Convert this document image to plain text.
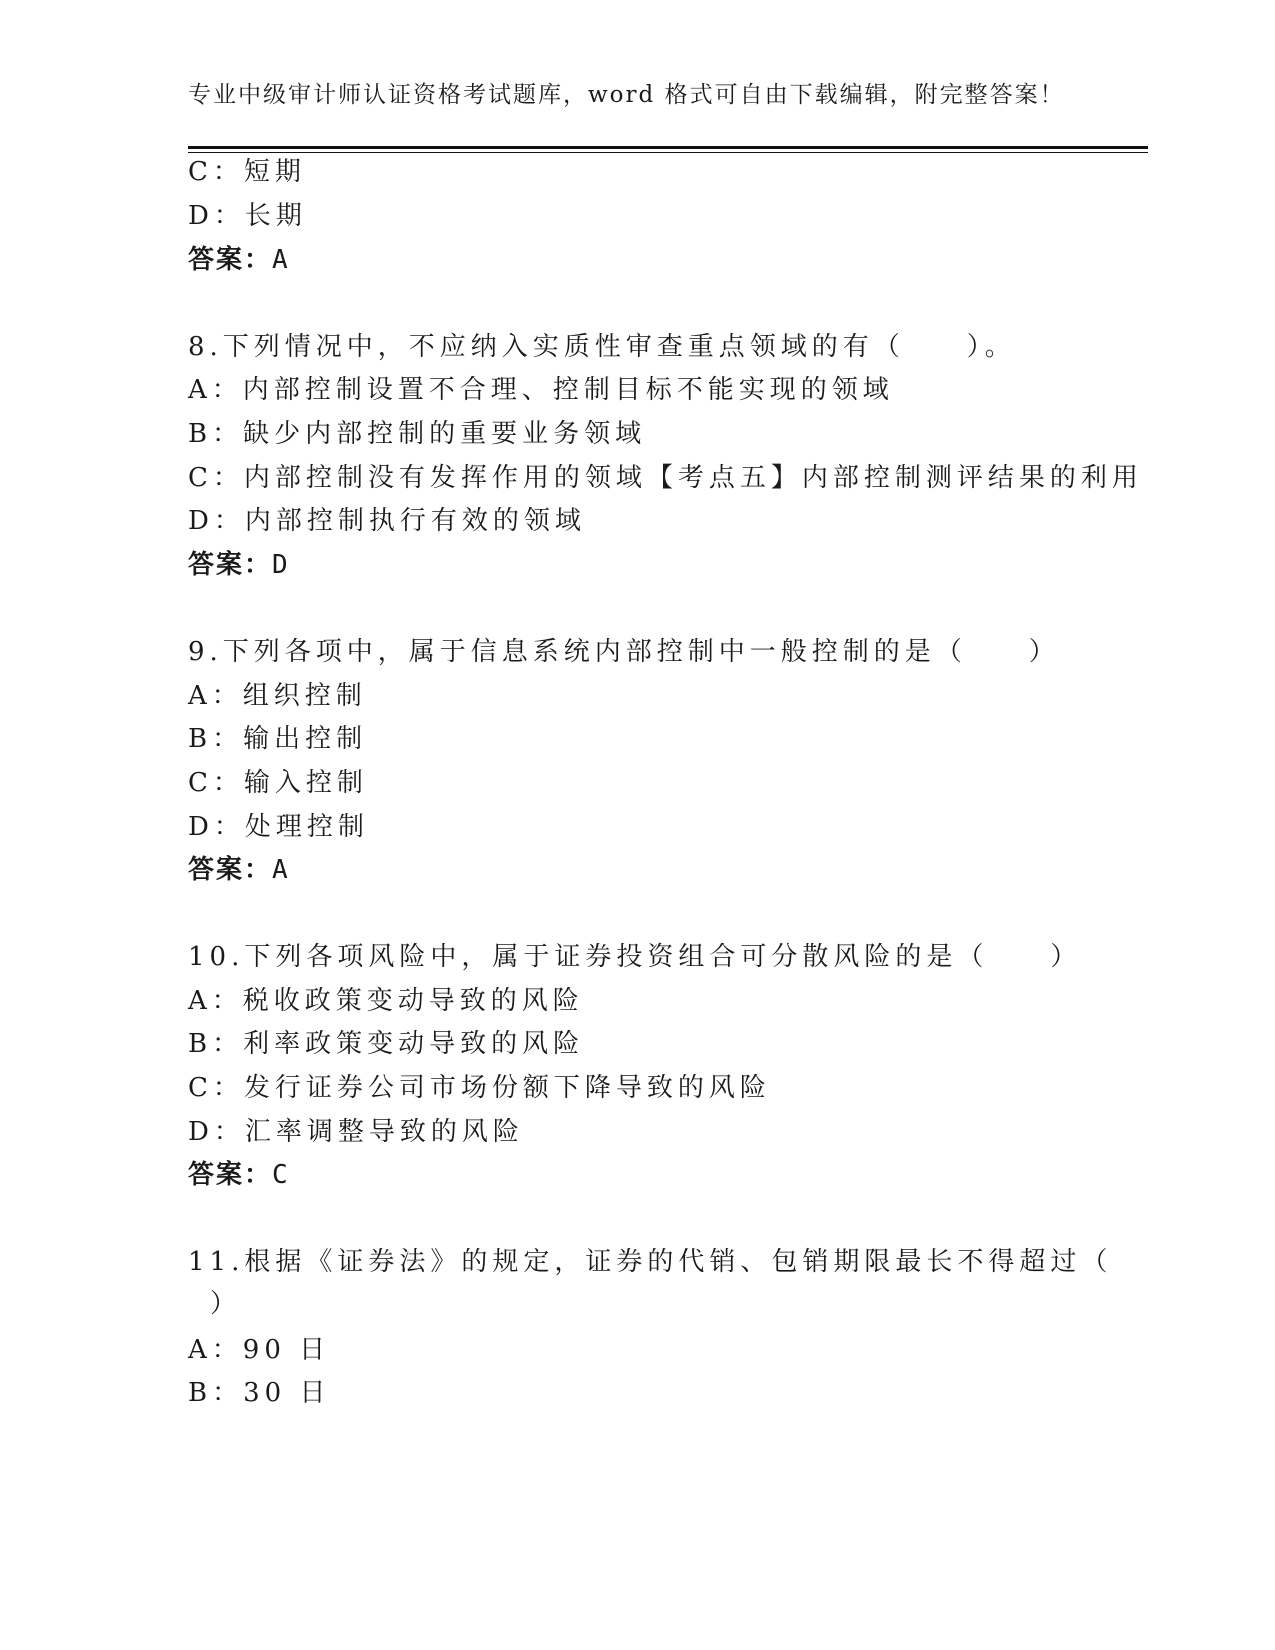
专业中级审计师认证资格考试题库，word 格式可自由下载编辑，附完整答案！
C：短期
D：长期
答案：A
8.下列情况中，不应纳入实质性审查重点领域的有（　　）。
A：内部控制设置不合理、控制目标不能实现的领域
B：缺少内部控制的重要业务领域
C：内部控制没有发挥作用的领域【考点五】内部控制测评结果的利用
D：内部控制执行有效的领域
答案：D
9.下列各项中，属于信息系统内部控制中一般控制的是（　　）
A：组织控制
B：输出控制
C：输入控制
D：处理控制
答案：A
10.下列各项风险中，属于证券投资组合可分散风险的是（　　）
A：税收政策变动导致的风险
B：利率政策变动导致的风险
C：发行证券公司市场份额下降导致的风险
D：汇率调整导致的风险
答案：C
11.根据《证券法》的规定，证券的代销、包销期限最长不得超过（
）
A：90 日
B：30 日
